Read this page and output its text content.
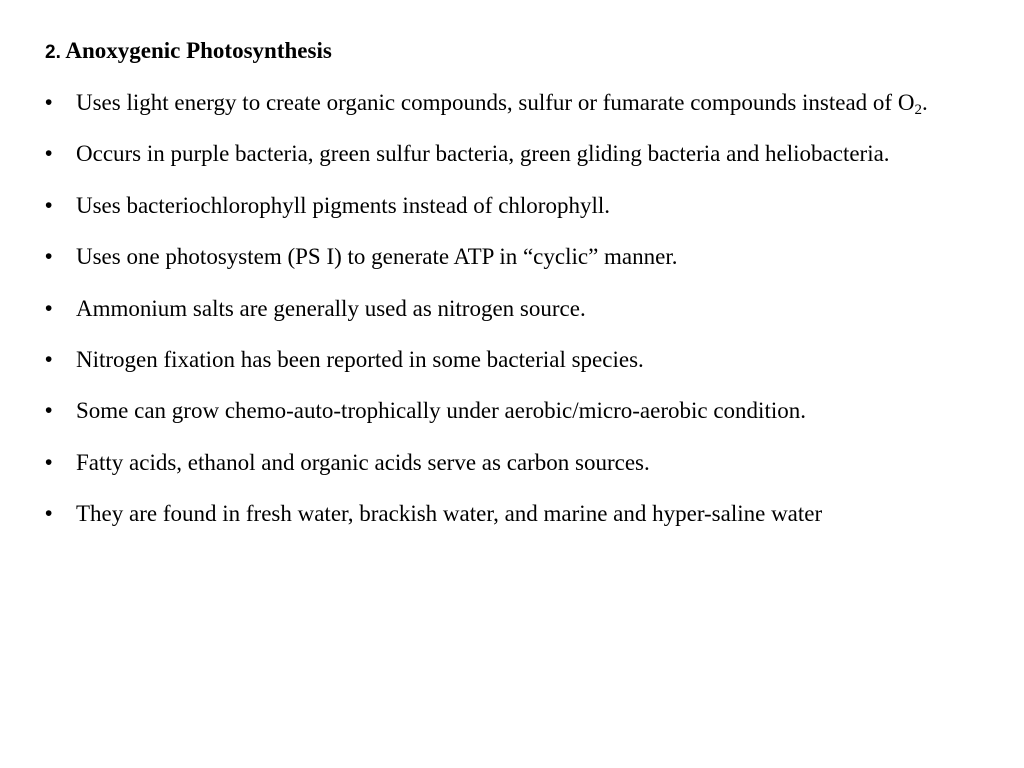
2. Anoxygenic Photosynthesis
•	Uses light energy to create organic compounds, sulfur or fumarate compounds instead of $O_2$.
•	Occurs in purple bacteria, green sulfur bacteria, green gliding bacteria and heliobacteria.
•	Uses bacteriochlorophyll pigments instead of chlorophyll.
•	Uses one photosystem (PS I) to generate ATP in “cyclic” manner.
•	Ammonium salts are generally used as nitrogen source.
•	Nitrogen fixation has been reported in some bacterial species.
•	Some can grow chemo-auto-trophically under aerobic/micro-aerobic condition.
•	Fatty acids, ethanol and organic acids serve as carbon sources.
•	They are found in fresh water, brackish water, and marine and hyper-saline water
